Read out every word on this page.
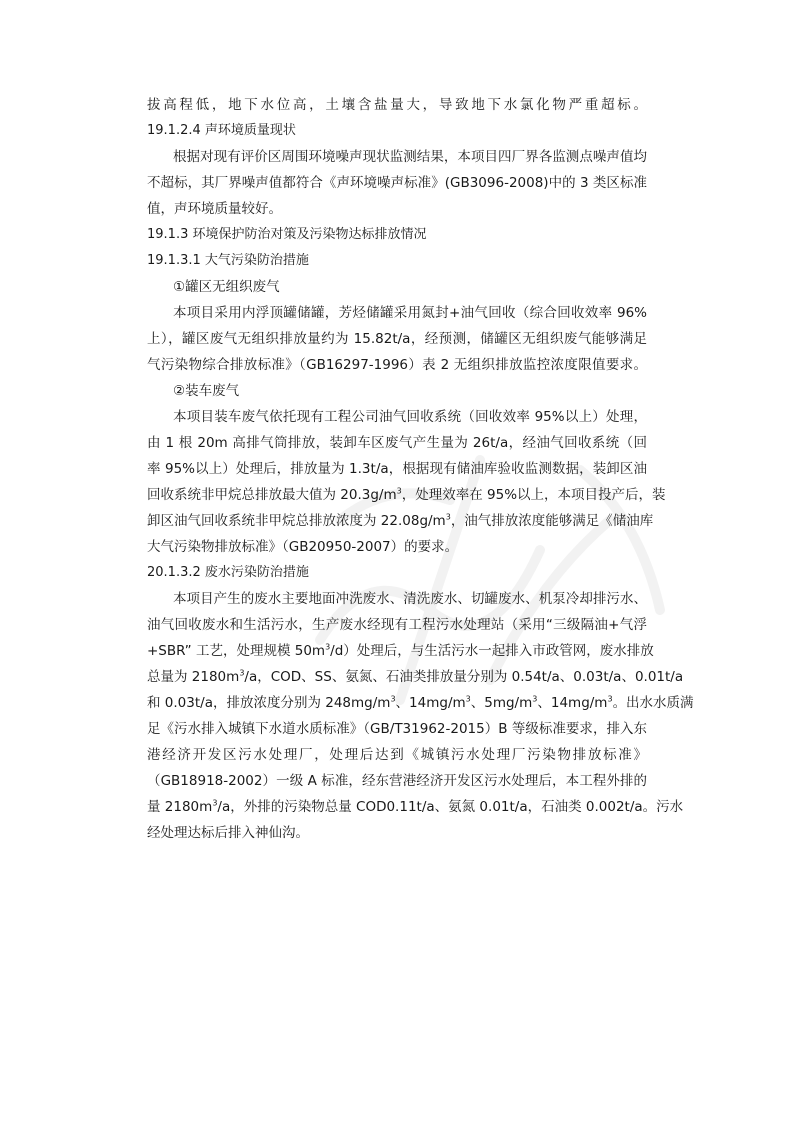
拔高程低，地下水位高，土壤含盐量大，导致地下水氯化物严重超标。
19.1.2.4 声环境质量现状
根据对现有评价区周围环境噪声现状监测结果，本项目四厂界各监测点噪声值均
不超标，其厂界噪声值都符合《声环境噪声标准》(GB3096-2008)中的 3 类区标准
值，声环境质量较好。
19.1.3 环境保护防治对策及污染物达标排放情况
19.1.3.1 大气污染防治措施
①罐区无组织废气
本项目采用内浮顶罐储罐，芳烃储罐采用氮封+油气回收（综合回收效率 96%
上），罐区废气无组织排放量约为 15.82t/a，经预测，储罐区无组织废气能够满足
气污染物综合排放标准》（GB16297-1996）表 2 无组织排放监控浓度限值要求。
②装车废气
本项目装车废气依托现有工程公司油气回收系统（回收效率 95%以上）处理，
由 1 根 20m 高排气筒排放，装卸车区废气产生量为 26t/a，经油气回收系统（回
率 95%以上）处理后，排放量为 1.3t/a，根据现有储油库验收监测数据，装卸区油
回收系统非甲烷总排放最大值为 $20.3g/m^3$，处理效率在 95%以上，本项目投产后，装
卸区油气回收系统非甲烷总排放浓度为 $22.08g/m^3$，油气排放浓度能够满足《储油库
大气污染物排放标准》（GB20950-2007）的要求。
20.1.3.2 废水污染防治措施
本项目产生的废水主要地面冲洗废水、清洗废水、切罐废水、机泵冷却排污水、
油气回收废水和生活污水，生产废水经现有工程污水处理站（采用“三级隔油+气浮
+SBR” 工艺，处理规模 $50m^3/d$）处理后，与生活污水一起排入市政管网，废水排放
总量为 $2180m^3/a$，COD、SS、氨氮、石油类排放量分别为 0.54t/a、0.03t/a、0.01t/a
和 0.03t/a，排放浓度分别为 $248mg/m^3$、$14mg/m^3$、$5mg/m^3$、$14mg/m^3$。出水水质满
足《污水排入城镇下水道水质标准》（GB/T31962-2015）B 等级标准要求，排入东
港经济开发区污水处理厂，处理后达到《城镇污水处理厂污染物排放标准》
（GB18918-2002）一级 A 标准，经东营港经济开发区污水处理后，本工程外排的
量 $2180m^3/a$，外排的污染物总量 COD0.11t/a、氨氮 0.01t/a，石油类 0.002t/a。污水
经处理达标后排入神仙沟。
